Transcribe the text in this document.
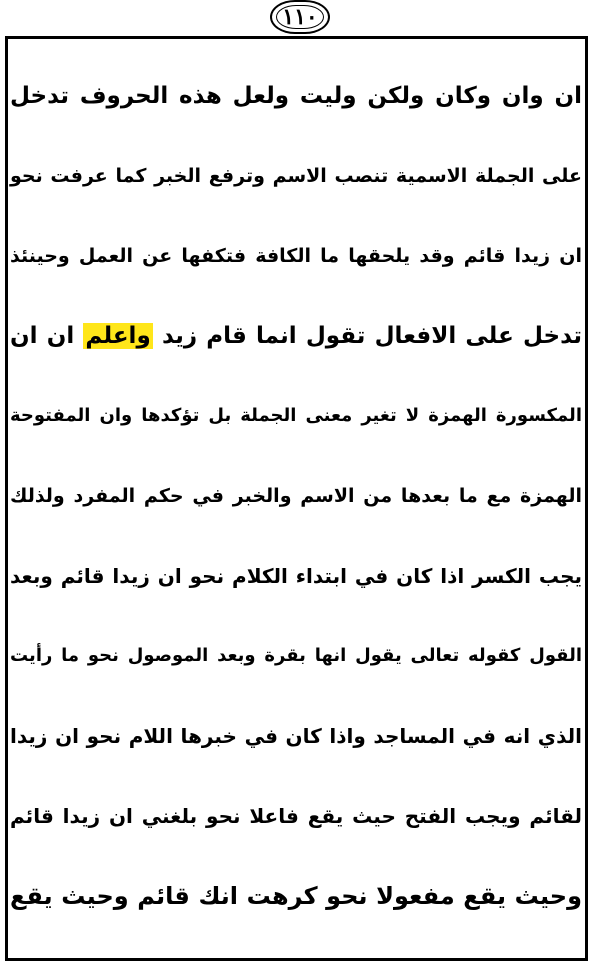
۱۱۰
ان وان وكان ولكن وليت ولعل هذه الحروف تدخل
على الجملة الاسمية تنصب الاسم وترفع الخبر كما عرفت نحو
ان زيدا قائم وقد يلحقها ما الكافة فتكفها عن العمل وحينئذ
تدخل على الافعال تقول انما قام زيد واعلم ان ان
المكسورة الهمزة لا تغير معنى الجملة بل تؤكدها وان المفتوحة
الهمزة مع ما بعدها من الاسم والخبر في حكم المفرد ولذلك
يجب الكسر اذا كان في ابتداء الكلام نحو ان زيدا قائم وبعد
القول كقوله تعالى يقول انها بقرة وبعد الموصول نحو ما رأيت
الذي انه في المساجد واذا كان في خبرها اللام نحو ان زيدا
لقائم ويجب الفتح حيث يقع فاعلا نحو بلغني ان زيدا قائم
وحيث يقع مفعولا نحو كرهت انك قائم وحيث يقع
